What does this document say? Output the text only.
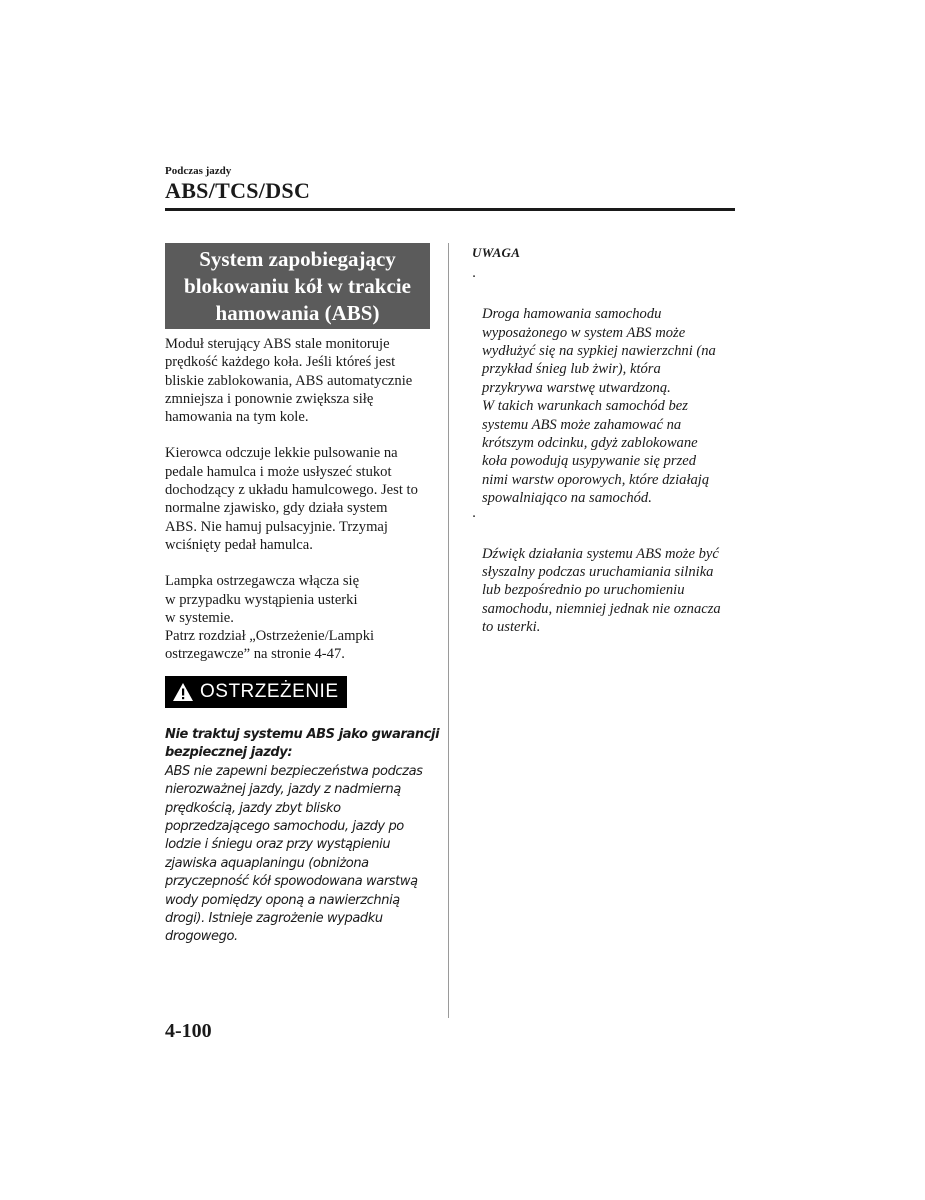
Podczas jazdy
ABS/TCS/DSC
System zapobiegający blokowaniu kół w trakcie hamowania (ABS)

Moduł sterujący ABS stale monitoruje
prędkość każdego koła. Jeśli któreś jest
bliskie zablokowania, ABS automatycznie
zmniejsza i ponownie zwiększa siłę
hamowania na tym kole.

Kierowca odczuje lekkie pulsowanie na
pedale hamulca i może usłyszeć stukot
dochodzący z układu hamulcowego. Jest to
normalne zjawisko, gdy działa system
ABS. Nie hamuj pulsacyjnie. Trzymaj
wciśnięty pedał hamulca.

Lampka ostrzegawcza włącza się
w przypadku wystąpienia usterki
w systemie.
Patrz rozdział „Ostrzeżenie/Lampki
ostrzegawcze” na stronie 4-47.

OSTRZEŻENIE
Nie traktuj systemu ABS jako gwarancji
bezpiecznej jazdy:
ABS nie zapewni bezpieczeństwa podczas
nierozważnej jazdy, jazdy z nadmierną
prędkością, jazdy zbyt blisko
poprzedzającego samochodu, jazdy po
lodzie i śniegu oraz przy wystąpieniu
zjawiska aquaplaningu (obniżona
przyczepność kół spowodowana warstwą
wody pomiędzy oponą a nawierzchnią
drogi). Istnieje zagrożenie wypadku
drogowego.
UWAGA

·

Droga hamowania samochodu
wyposażonego w system ABS może
wydłużyć się na sypkiej nawierzchni (na
przykład śnieg lub żwir), która
przykrywa warstwę utwardzoną.
W takich warunkach samochód bez
systemu ABS może zahamować na
krótszym odcinku, gdyż zablokowane
koła powodują usypywanie się przed
nimi warstw oporowych, które działają
spowalniająco na samochód.

·

Dźwięk działania systemu ABS może być
słyszalny podczas uruchamiania silnika
lub bezpośrednio po uruchomieniu
samochodu, niemniej jednak nie oznacza
to usterki.

4-100
